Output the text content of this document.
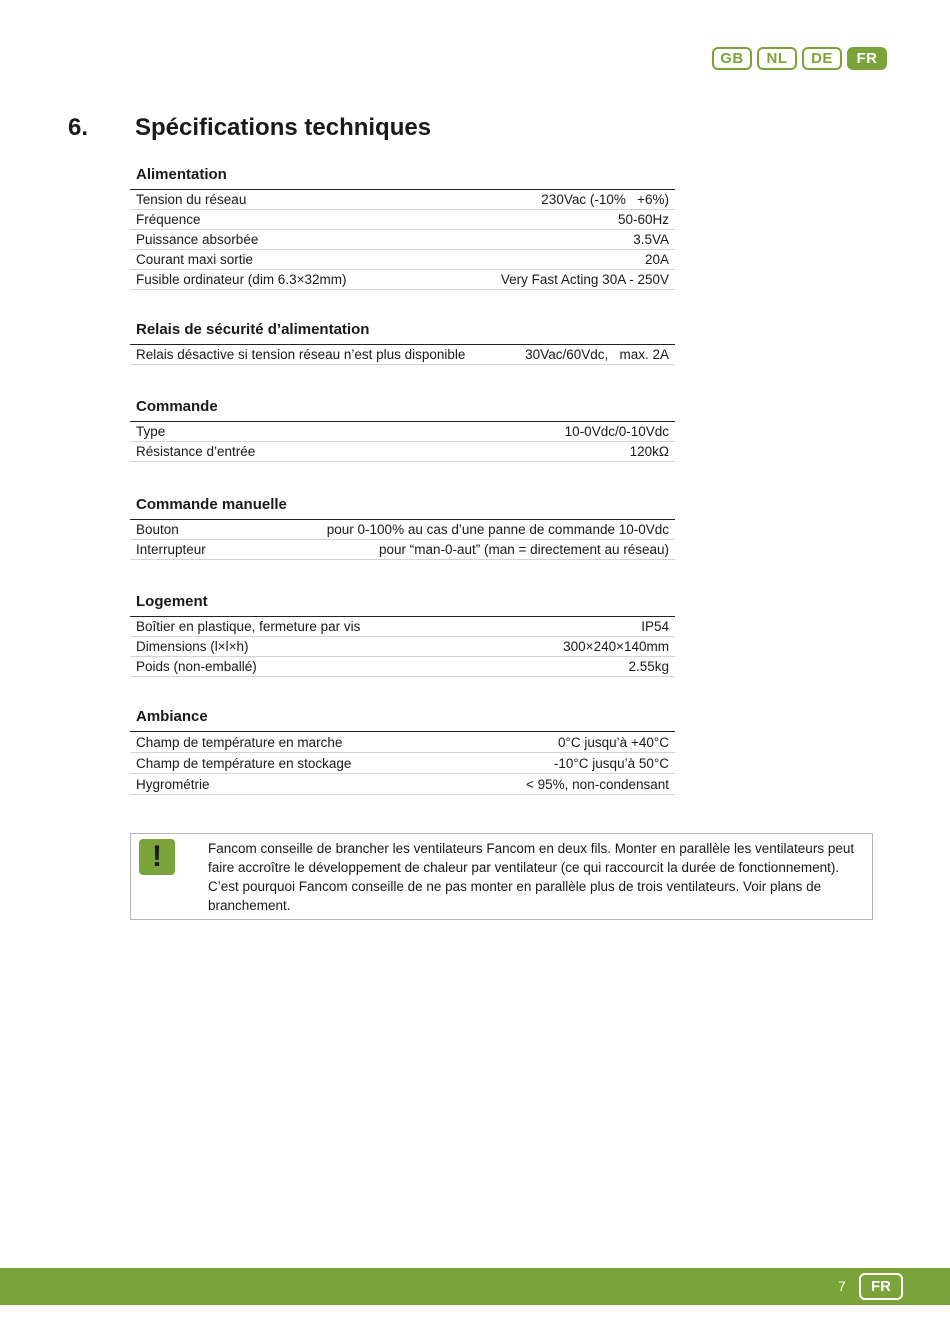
GB	NL	DE	FR
6.	Spécifications techniques
Alimentation
Tension du réseau	230Vac (-10%   +6%)
Fréquence	50-60Hz
Puissance absorbée	3.5VA
Courant maxi sortie	20A
Fusible ordinateur (dim 6.3×32mm)	Very Fast Acting 30A - 250V
Relais de sécurité d’alimentation
Relais désactive si tension réseau n’est plus disponible	30Vac/60Vdc,   max. 2A
Commande
Type	10-0Vdc/0-10Vdc
Résistance d’entrée	120kΩ
Commande manuelle
Bouton	pour 0-100% au cas d’une panne de commande 10-0Vdc
Interrupteur	pour “man-0-aut” (man = directement au réseau)
Logement
Boîtier en plastique, fermeture par vis	IP54
Dimensions (l×l×h)	300×240×140mm
Poids (non-emballé)	2.55kg
Ambiance
Champ de température en marche	0°C jusqu’à +40°C
Champ de température en stockage	-10°C jusqu’à 50°C
Hygrométrie	< 95%, non-condensant
!	Fancom conseille de brancher les ventilateurs Fancom en deux fils. Monter en parallèle les ventilateurs peut faire accroître le développement de chaleur par ventilateur (ce qui raccourcit la durée de fonctionnement). C’est pourquoi Fancom conseille de ne pas monter en parallèle plus de trois ventilateurs. Voir plans de branchement.
7	FR
